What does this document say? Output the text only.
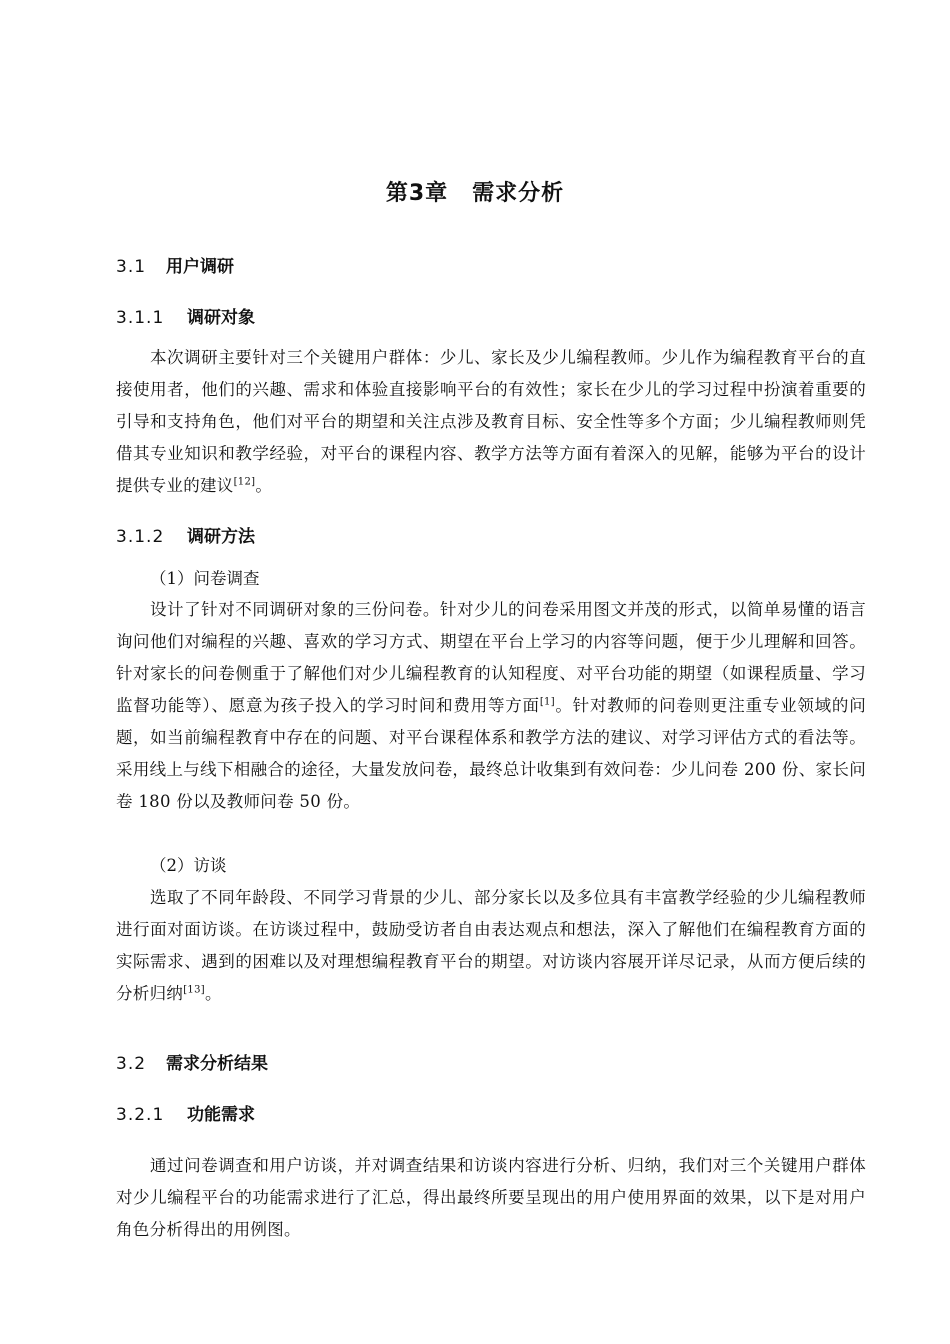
第3章 需求分析
3.1 用户调研
3.1.1 调研对象

本次调研主要针对三个关键用户群体：少儿、家长及少儿编程教师。少儿作为编程教育平台的直接使用者，他们的兴趣、需求和体验直接影响平台的有效性；家长在少儿的学习过程中扮演着重要的引导和支持角色，他们对平台的期望和关注点涉及教育目标、安全性等多个方面；少儿编程教师则凭借其专业知识和教学经验，对平台的课程内容、教学方法等方面有着深入的见解，能够为平台的设计提供专业的建议[12]。

3.1.2 调研方法
（1）问卷调查

设计了针对不同调研对象的三份问卷。针对少儿的问卷采用图文并茂的形式，以简单易懂的语言询问他们对编程的兴趣、喜欢的学习方式、期望在平台上学习的内容等问题，便于少儿理解和回答。针对家长的问卷侧重于了解他们对少儿编程教育的认知程度、对平台功能的期望（如课程质量、学习监督功能等）、愿意为孩子投入的学习时间和费用等方面[1]。针对教师的问卷则更注重专业领域的问题，如当前编程教育中存在的问题、对平台课程体系和教学方法的建议、对学习评估方式的看法等。采用线上与线下相融合的途径，大量发放问卷，最终总计收集到有效问卷：少儿问卷 200 份、家长问卷 180 份以及教师问卷 50 份。

（2）访谈

选取了不同年龄段、不同学习背景的少儿、部分家长以及多位具有丰富教学经验的少儿编程教师进行面对面访谈。在访谈过程中，鼓励受访者自由表达观点和想法，深入了解他们在编程教育方面的实际需求、遇到的困难以及对理想编程教育平台的期望。对访谈内容展开详尽记录，从而方便后续的分析归纳[13]。

3.2 需求分析结果
3.2.1 功能需求

通过问卷调查和用户访谈，并对调查结果和访谈内容进行分析、归纳，我们对三个关键用户群体对少儿编程平台的功能需求进行了汇总，得出最终所要呈现出的用户使用界面的效果，以下是对用户角色分析得出的用例图。
